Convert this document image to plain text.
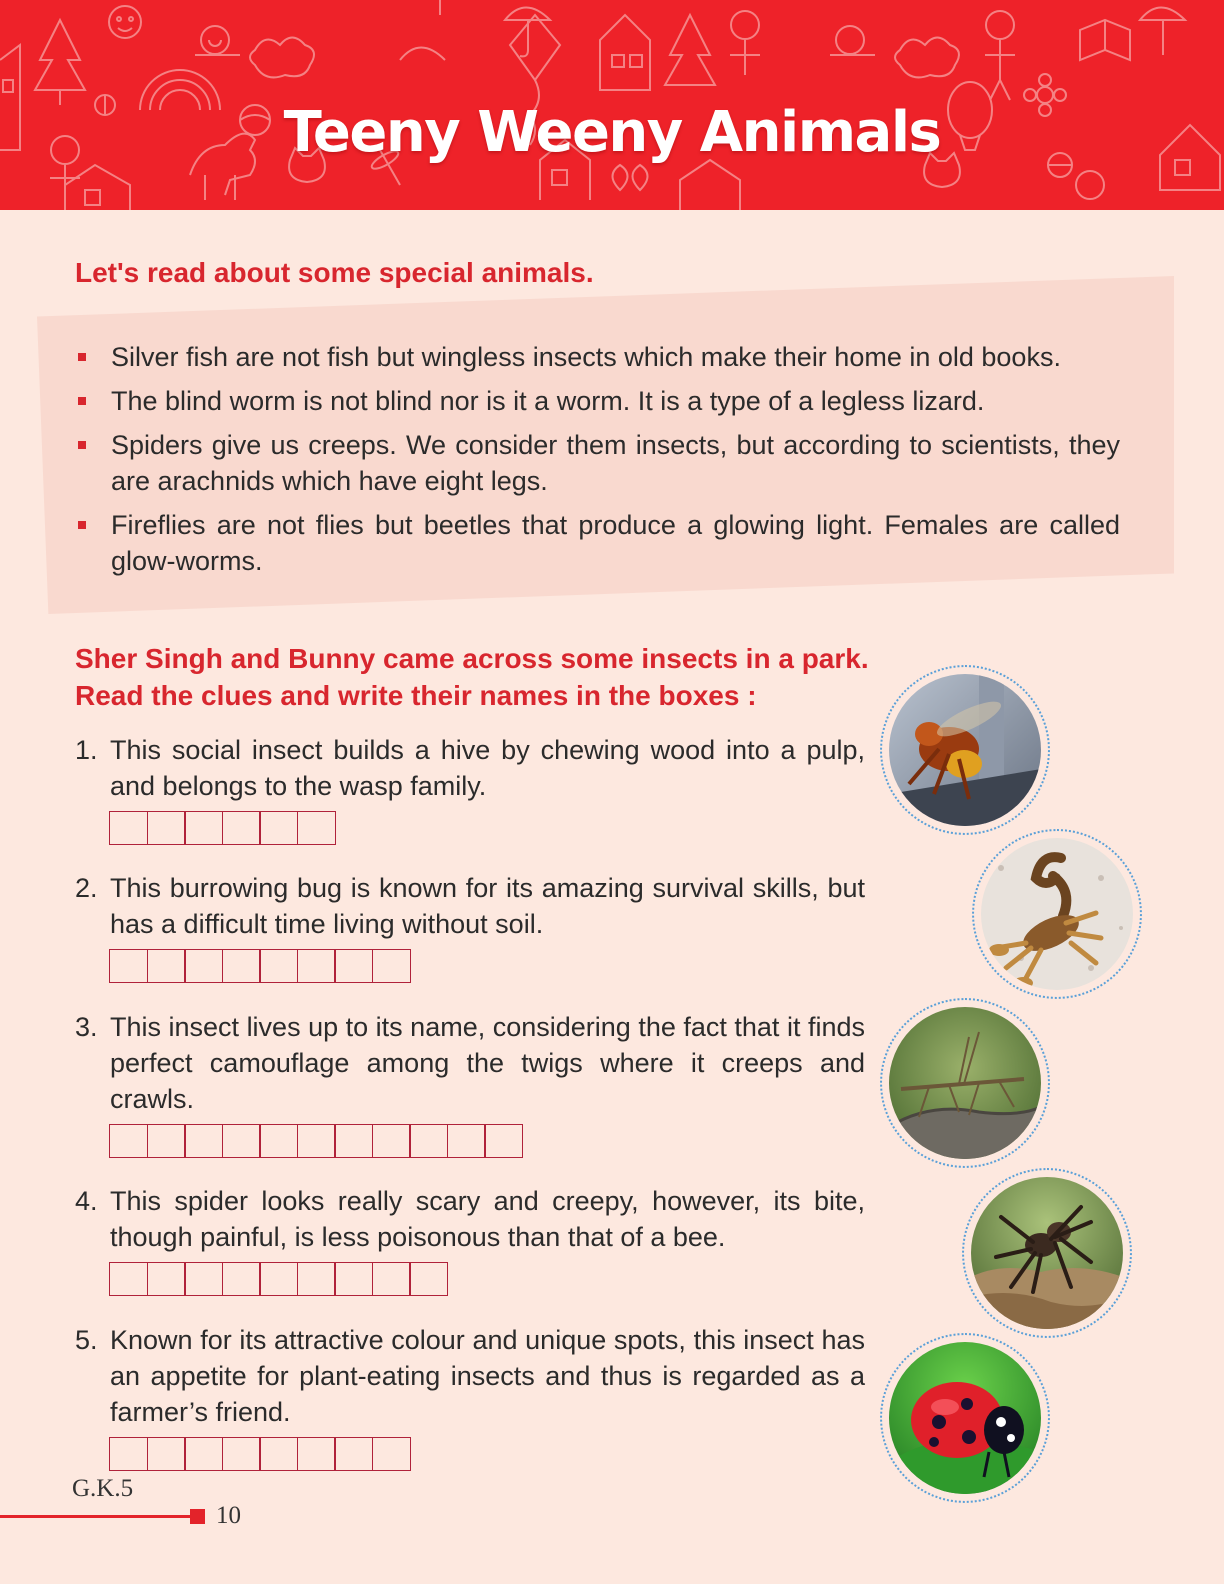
Teeny Weeny Animals
Let's read about some special animals.
Silver fish are not fish but wingless insects which make their home in old books.
The blind worm is not blind nor is it a worm. It is a type of a legless lizard.
Spiders give us creeps. We consider them insects, but according to scientists, they are arachnids which have eight legs.
Fireflies are not flies but beetles that produce a glowing light. Females are called glow-worms.
Sher Singh and Bunny came across some insects in a park.
Read the clues and write their names in the boxes :
1. This social insect builds a hive by chewing wood into a pulp, and belongs to the wasp family.
2. This burrowing bug is known for its amazing survival skills, but has a difficult time living without soil.
3. This insect lives up to its name, considering the fact that it finds perfect camouflage among the twigs where it creeps and crawls.
4. This spider looks really scary and creepy, however, its bite, though painful, is less poisonous than that of a bee.
5. Known for its attractive colour and unique spots, this insect has an appetite for plant-eating insects and thus is regarded as a farmer’s friend.
G.K.5
10
